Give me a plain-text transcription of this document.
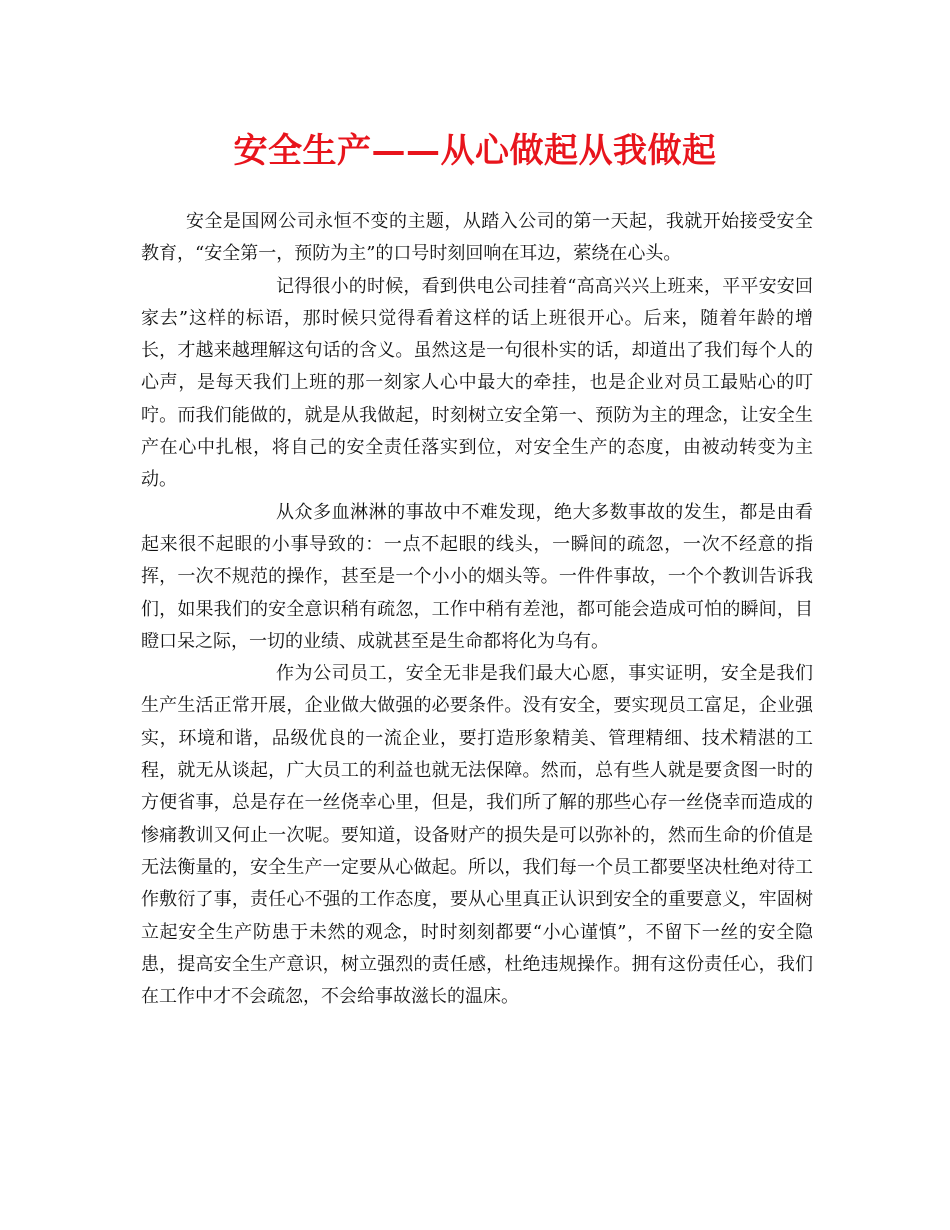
安全生产——从心做起从我做起

安全是国网公司永恒不变的主题，从踏入公司的第一天起，我就开始接受安全教育，“安全第一，预防为主”的口号时刻回响在耳边，萦绕在心头。

记得很小的时候，看到供电公司挂着“高高兴兴上班来，平平安安回家去”这样的标语，那时候只觉得看着这样的话上班很开心。后来，随着年龄的增长，才越来越理解这句话的含义。虽然这是一句很朴实的话，却道出了我们每个人的心声，是每天我们上班的那一刻家人心中最大的牵挂，也是企业对员工最贴心的叮咛。而我们能做的，就是从我做起，时刻树立安全第一、预防为主的理念，让安全生产在心中扎根，将自己的安全责任落实到位，对安全生产的态度，由被动转变为主动。

从众多血淋淋的事故中不难发现，绝大多数事故的发生，都是由看起来很不起眼的小事导致的：一点不起眼的线头，一瞬间的疏忽，一次不经意的指挥，一次不规范的操作，甚至是一个小小的烟头等。一件件事故，一个个教训告诉我们，如果我们的安全意识稍有疏忽，工作中稍有差池，都可能会造成可怕的瞬间，目瞪口呆之际，一切的业绩、成就甚至是生命都将化为乌有。

作为公司员工，安全无非是我们最大心愿，事实证明，安全是我们生产生活正常开展，企业做大做强的必要条件。没有安全，要实现员工富足，企业强实，环境和谐，品级优良的一流企业，要打造形象精美、管理精细、技术精湛的工程，就无从谈起，广大员工的利益也就无法保障。然而，总有些人就是要贪图一时的方便省事，总是存在一丝侥幸心里，但是，我们所了解的那些心存一丝侥幸而造成的惨痛教训又何止一次呢。要知道，设备财产的损失是可以弥补的，然而生命的价值是无法衡量的，安全生产一定要从心做起。所以，我们每一个员工都要坚决杜绝对待工作敷衍了事，责任心不强的工作态度，要从心里真正认识到安全的重要意义，牢固树立起安全生产防患于未然的观念，时时刻刻都要“小心谨慎”，不留下一丝的安全隐患，提高安全生产意识，树立强烈的责任感，杜绝违规操作。拥有这份责任心，我们在工作中才不会疏忽，不会给事故滋长的温床。
